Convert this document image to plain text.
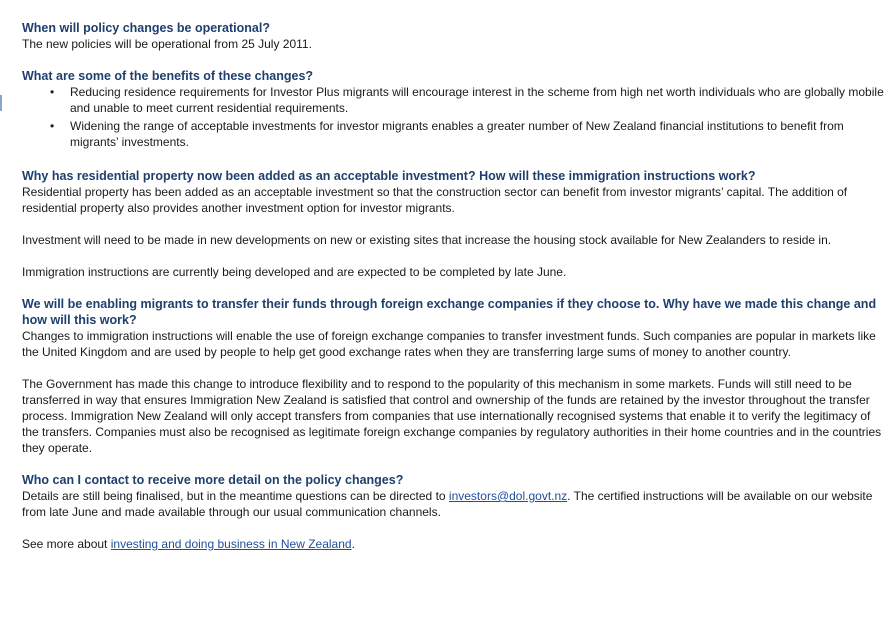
When will policy changes be operational?

The new policies will be operational from 25 July 2011.

What are some of the benefits of these changes?
• Reducing residence requirements for Investor Plus migrants will encourage interest in the scheme from high net worth individuals who are globally mobile and unable to meet current residential requirements.
• Widening the range of acceptable investments for investor migrants enables a greater number of New Zealand financial institutions to benefit from migrants’ investments.
Why has residential property now been added as an acceptable investment? How will these immigration instructions work?

Residential property has been added as an acceptable investment so that the construction sector can benefit from investor migrants’ capital. The addition of residential property also provides another investment option for investor migrants.

Investment will need to be made in new developments on new or existing sites that increase the housing stock available for New Zealanders to reside in.

Immigration instructions are currently being developed and are expected to be completed by late June.

We will be enabling migrants to transfer their funds through foreign exchange companies if they choose to. Why have we made this change and how will this work?

Changes to immigration instructions will enable the use of foreign exchange companies to transfer investment funds. Such companies are popular in markets like the United Kingdom and are used by people to help get good exchange rates when they are transferring large sums of money to another country.

The Government has made this change to introduce flexibility and to respond to the popularity of this mechanism in some markets. Funds will still need to be transferred in way that ensures Immigration New Zealand is satisfied that control and ownership of the funds are retained by the investor throughout the transfer process. Immigration New Zealand will only accept transfers from companies that use internationally recognised systems that enable it to verify the legitimacy of the transfers. Companies must also be recognised as legitimate foreign exchange companies by regulatory authorities in their home countries and in the countries they operate.

Who can I contact to receive more detail on the policy changes?

Details are still being finalised, but in the meantime questions can be directed to investors@dol.govt.nz. The certified instructions will be available on our website from late June and made available through our usual communication channels.

See more about investing and doing business in New Zealand.
